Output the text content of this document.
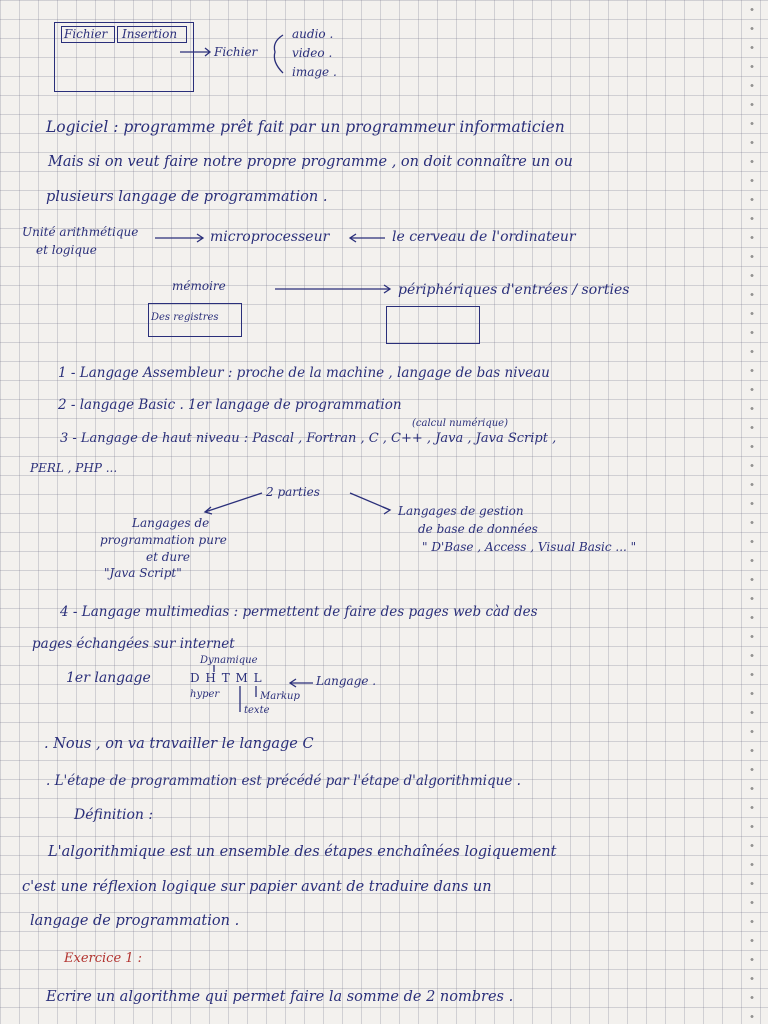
Fichier Insertion
Fichier
audio .
video .
image .
Logiciel : programme prêt fait par un programmeur informaticien
Mais si on veut faire notre propre programme , on doit connaître un ou
plusieurs langage de programmation .
Unité arithmétique
et logique
microprocesseur	le cerveau de l'ordinateur
mémoire	périphériques d'entrées / sorties
Des registres
1 - Langage Assembleur : proche de la machine , langage de bas niveau
2 - langage Basic . 1er langage de programmation
(calcul numérique)
3 - Langage de haut niveau : Pascal , Fortran , C , C++ , Java , Java Script ,
PERL , PHP ...
2 parties
Langages de
programmation pure
et dure
"Java Script"
Langages de gestion
de base de données
" D'Base , Access , Visual Basic ... "
4 - Langage multimedias : permettent de faire des pages web càd des
pages échangées sur internet
1er langage
Dynamique
D H T M L	Langage .
hyper	Markup
texte
. Nous , on va travailler le langage C
. L'étape de programmation est précédé par l'étape d'algorithmique .
Définition :
L'algorithmique est un ensemble des étapes enchaînées logiquement
c'est une réflexion logique sur papier avant de traduire dans un
langage de programmation .
Exercice 1 :
Ecrire un algorithme qui permet faire la somme de 2 nombres .
